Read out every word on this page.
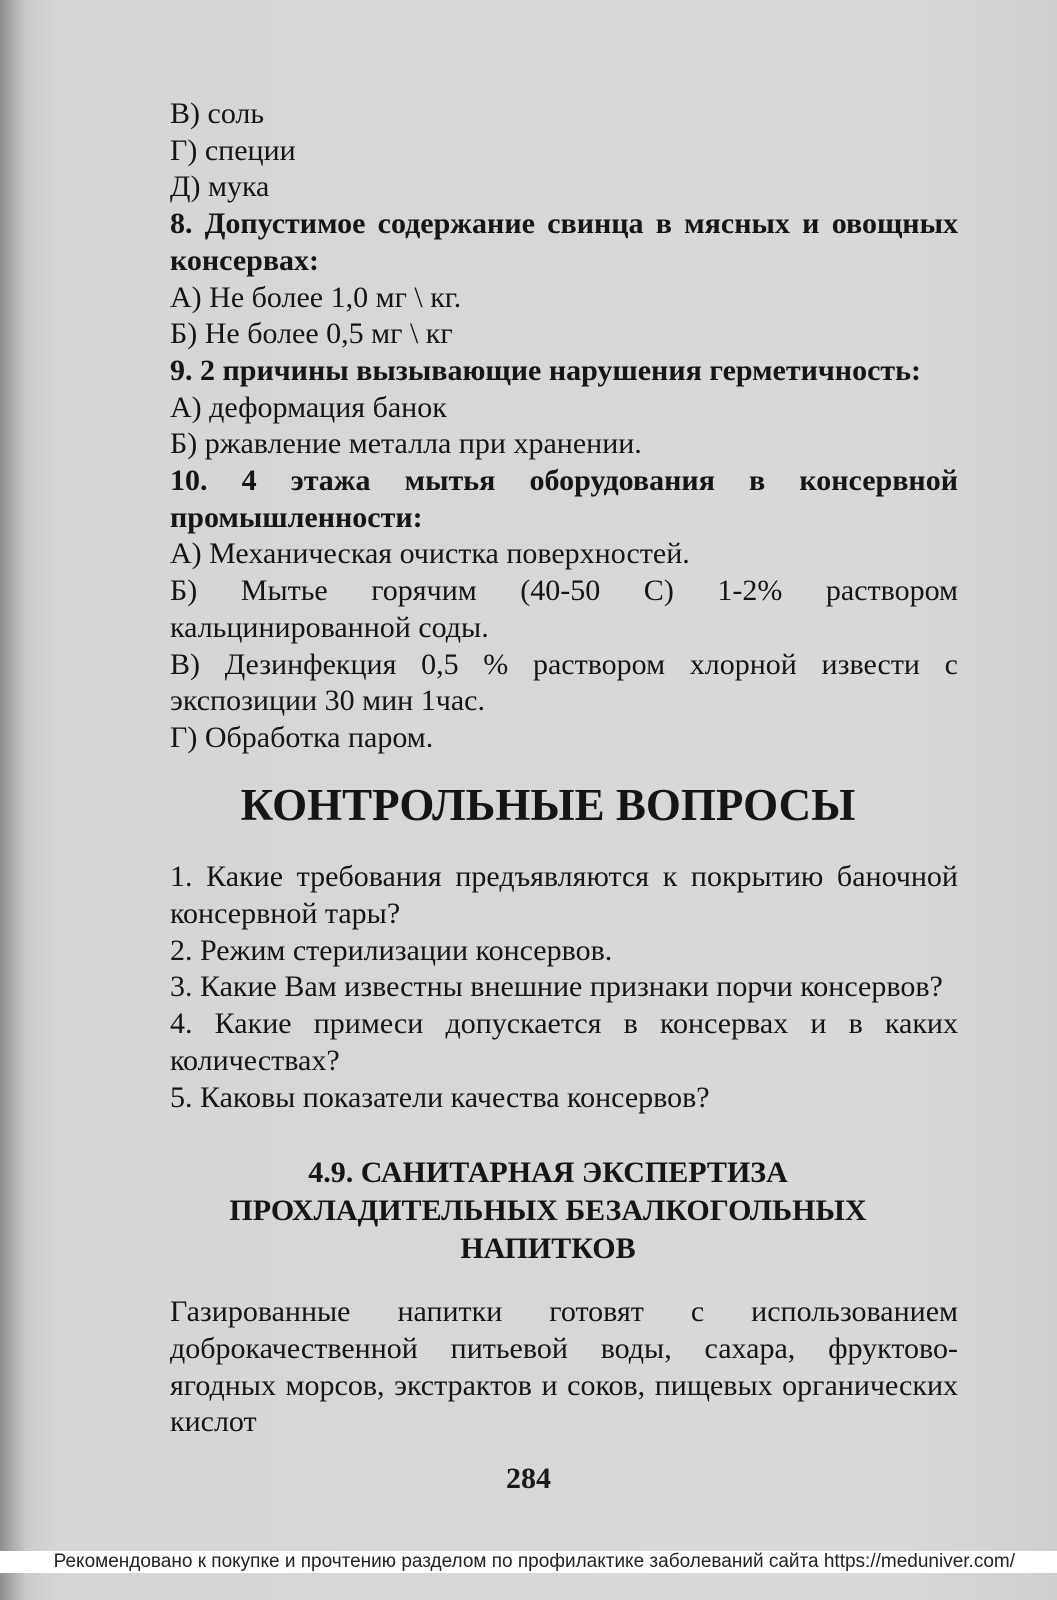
В) соль

Г) специи

Д) мука

8. Допустимое содержание свинца в мясных и овощных консервах:

А) Не более 1,0 мг \ кг.

Б) Не более 0,5 мг \ кг

9. 2 причины вызывающие нарушения герметичность:

А) деформация банок

Б) ржавление металла при хранении.

10. 4 этажа мытья оборудования в консервной промышленности:

А) Механическая очистка поверхностей.

Б) Мытье горячим (40-50 С) 1-2% раствором кальцинированной соды.

В) Дезинфекция 0,5 % раствором хлорной извести с экспозиции 30 мин 1час.

Г) Обработка паром.

КОНТРОЛЬНЫЕ ВОПРОСЫ

1. Какие требования предъявляются к покрытию баночной консервной тары?

2. Режим стерилизации консервов.

3. Какие Вам известны внешние признаки порчи консервов?

4. Какие примеси допускается в консервах и в каких количествах?

5. Каковы показатели качества консервов?

4.9. САНИТАРНАЯ ЭКСПЕРТИЗА
ПРОХЛАДИТЕЛЬНЫХ БЕЗАЛКОГОЛЬНЫХ
НАПИТКОВ

Газированные напитки готовят с использованием доброкачественной питьевой воды, сахара, фруктово-ягодных морсов, экстрактов и соков, пищевых органических кислот

284
Рекомендовано к покупке и прочтению разделом по профилактике заболеваний сайта https://meduniver.com/
